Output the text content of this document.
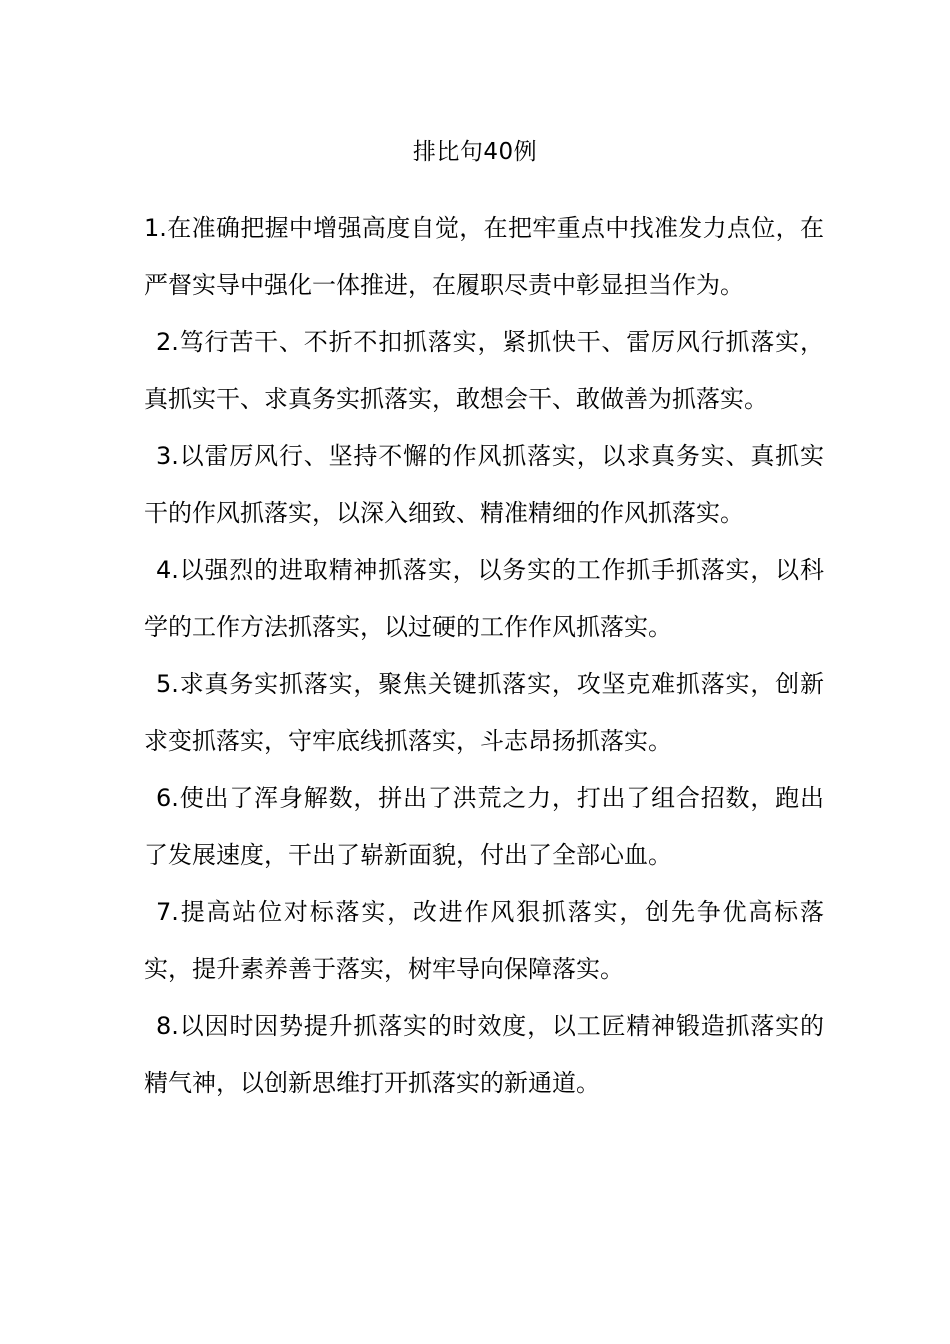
排比句40例

1.在准确把握中增强高度自觉，在把牢重点中找准发力点位，在严督实导中强化一体推进，在履职尽责中彰显担当作为。

2.笃行苦干、不折不扣抓落实，紧抓快干、雷厉风行抓落实，真抓实干、求真务实抓落实，敢想会干、敢做善为抓落实。

3.以雷厉风行、坚持不懈的作风抓落实，以求真务实、真抓实干的作风抓落实，以深入细致、精准精细的作风抓落实。

4.以强烈的进取精神抓落实，以务实的工作抓手抓落实，以科学的工作方法抓落实，以过硬的工作作风抓落实。

5.求真务实抓落实，聚焦关键抓落实，攻坚克难抓落实，创新求变抓落实，守牢底线抓落实，斗志昂扬抓落实。

6.使出了浑身解数，拼出了洪荒之力，打出了组合招数，跑出了发展速度，干出了崭新面貌，付出了全部心血。

7.提高站位对标落实，改进作风狠抓落实，创先争优高标落实，提升素养善于落实，树牢导向保障落实。

8.以因时因势提升抓落实的时效度，以工匠精神锻造抓落实的精气神，以创新思维打开抓落实的新通道。
